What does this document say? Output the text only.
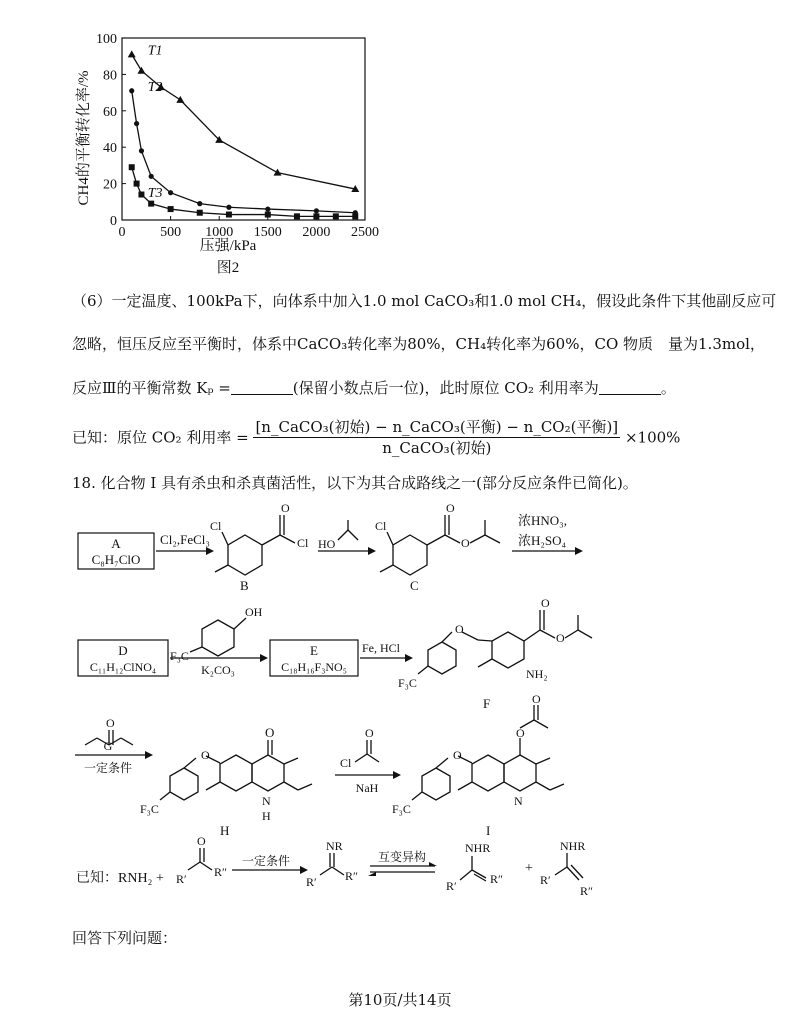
0 500 1000 1500 2000 2500
0
20
40
60
80
100
T1
T2
T3
压强/kPa
图2
CH4的平衡转化率/%
（6）一定温度、100kPa下，向体系中加入1.0 mol CaCO₃和1.0 mol CH₄，假设此条件下其他副反应可
忽略，恒压反应至平衡时，体系中CaCO₃转化率为80%，CH₄转化率为60%，CO 物质　量为1.3mol，
反应Ⅲ的平衡常数 Kₚ =	(保留小数点后一位)，此时原位 CO₂ 利用率为	。
已知：原位 CO₂ 利用率 = $\frac{\text{[n\_CaCO₃(初始) − n\_CaCO₃(平衡) − n\_CO₂(平衡)]}}{\text{n\_CaCO₃(初始)}} \times 100\%$
18. 化合物 I 具有杀虫和杀真菌活性，以下为其合成路线之一(部分反应条件已简化)。
A
C₈H₇ClO
Cl₂,FeCl₃
O
Cl
Cl
B
HO
O
O
Cl
C
浓HNO₃,
浓H₂SO₄
D
C₁₁H₁₂ClNO₄
OH
F₃C
K₂CO₃
E
C₁₈H₁₆F₃NO₅
Fe, HCl
O
O
O
NH₂
F₃C
F
O
G
一定条件
O
O
N
H
F₃C
H
O
Cl
NaH
O
O
O
N
F₃C
I
已知：RNH₂ +
O
R′ R″
一定条件
NR
R′ R″
互变异构
NHR
R′	R″
+
NHR
R′
R″
回答下列问题：
第10页/共14页
